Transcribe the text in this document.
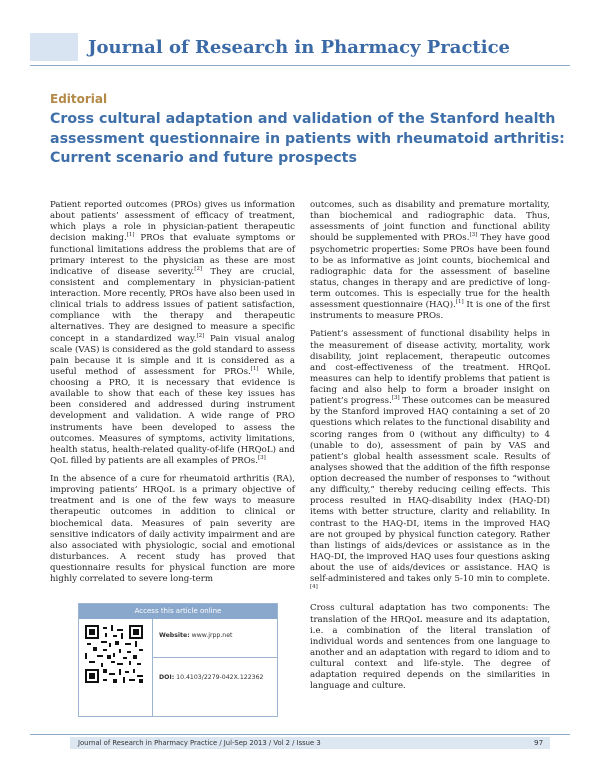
Journal of Research in Pharmacy Practice
Editorial
Cross cultural adaptation and validation of the Stanford health assessment questionnaire in patients with rheumatoid arthritis: Current scenario and future prospects

Patient reported outcomes (PROs) gives us information about patients’ assessment of efficacy of treatment, which plays a role in physician-patient therapeutic decision making.[1] PROs that evaluate symptoms or functional limitations address the problems that are of primary interest to the physician as these are most indicative of disease severity.[2] They are crucial, consistent and complementary in physician-patient interaction. More recently, PROs have also been used in clinical trials to address issues of patient satisfaction, compliance with the therapy and therapeutic alternatives. They are designed to measure a specific concept in a standardized way.[2] Pain visual analog scale (VAS) is considered as the gold standard to assess pain because it is simple and it is considered as a useful method of assessment for PROs.[1] While, choosing a PRO, it is necessary that evidence is available to show that each of these key issues has been considered and addressed during instrument development and validation. A wide range of PRO instruments have been developed to assess the outcomes. Measures of symptoms, activity limitations, health status, health-related quality-of-life (HRQoL) and QoL filled by patients are all examples of PROs.[3]

In the absence of a cure for rheumatoid arthritis (RA), improving patients’ HRQoL is a primary objective of treatment and is one of the few ways to measure therapeutic outcomes in addition to clinical or biochemical data. Measures of pain severity are sensitive indicators of daily activity impairment and are also associated with physiologic, social and emotional disturbances. A recent study has proved that questionnaire results for physical function are more highly correlated to severe long-term

outcomes, such as disability and premature mortality, than biochemical and radiographic data. Thus, assessments of joint function and functional ability should be supplemented with PROs.[3] They have good psychometric properties: Some PROs have been found to be as informative as joint counts, biochemical and radiographic data for the assessment of baseline status, changes in therapy and are predictive of long-term outcomes. This is especially true for the health assessment questionnaire (HAQ).[1] It is one of the first instruments to measure PROs.

Patient’s assessment of functional disability helps in the measurement of disease activity, mortality, work disability, joint replacement, therapeutic outcomes and cost-effectiveness of the treatment. HRQoL measures can help to identify problems that patient is facing and also help to form a broader insight on patient’s progress.[3] These outcomes can be measured by the Stanford improved HAQ containing a set of 20 questions which relates to the functional disability and scoring ranges from 0 (without any difficulty) to 4 (unable to do), assessment of pain by VAS and patient’s global health assessment scale. Results of analyses showed that the addition of the fifth response option decreased the number of responses to “without any difficulty,” thereby reducing ceiling effects. This process resulted in HAQ-disability index (HAQ-DI) items with better structure, clarity and reliability. In contrast to the HAQ-DI, items in the improved HAQ are not grouped by physical function category. Rather than listings of aids/devices or assistance as in the HAQ-DI, the improved HAQ uses four questions asking about the use of aids/devices or assistance. HAQ is self-administered and takes only 5-10 min to complete.[4]

Cross cultural adaptation has two components: The translation of the HRQoL measure and its adaptation, i.e. a combination of the literal translation of individual words and sentences from one language to another and an adaptation with regard to idiom and to cultural context and life-style. The degree of adaptation required depends on the similarities in language and culture.

Access this article online
Website: www.jrpp.net
DOI: 10.4103/2279-042X.122362
Journal of Research in Pharmacy Practice / Jul-Sep 2013 / Vol 2 / Issue 3	97
